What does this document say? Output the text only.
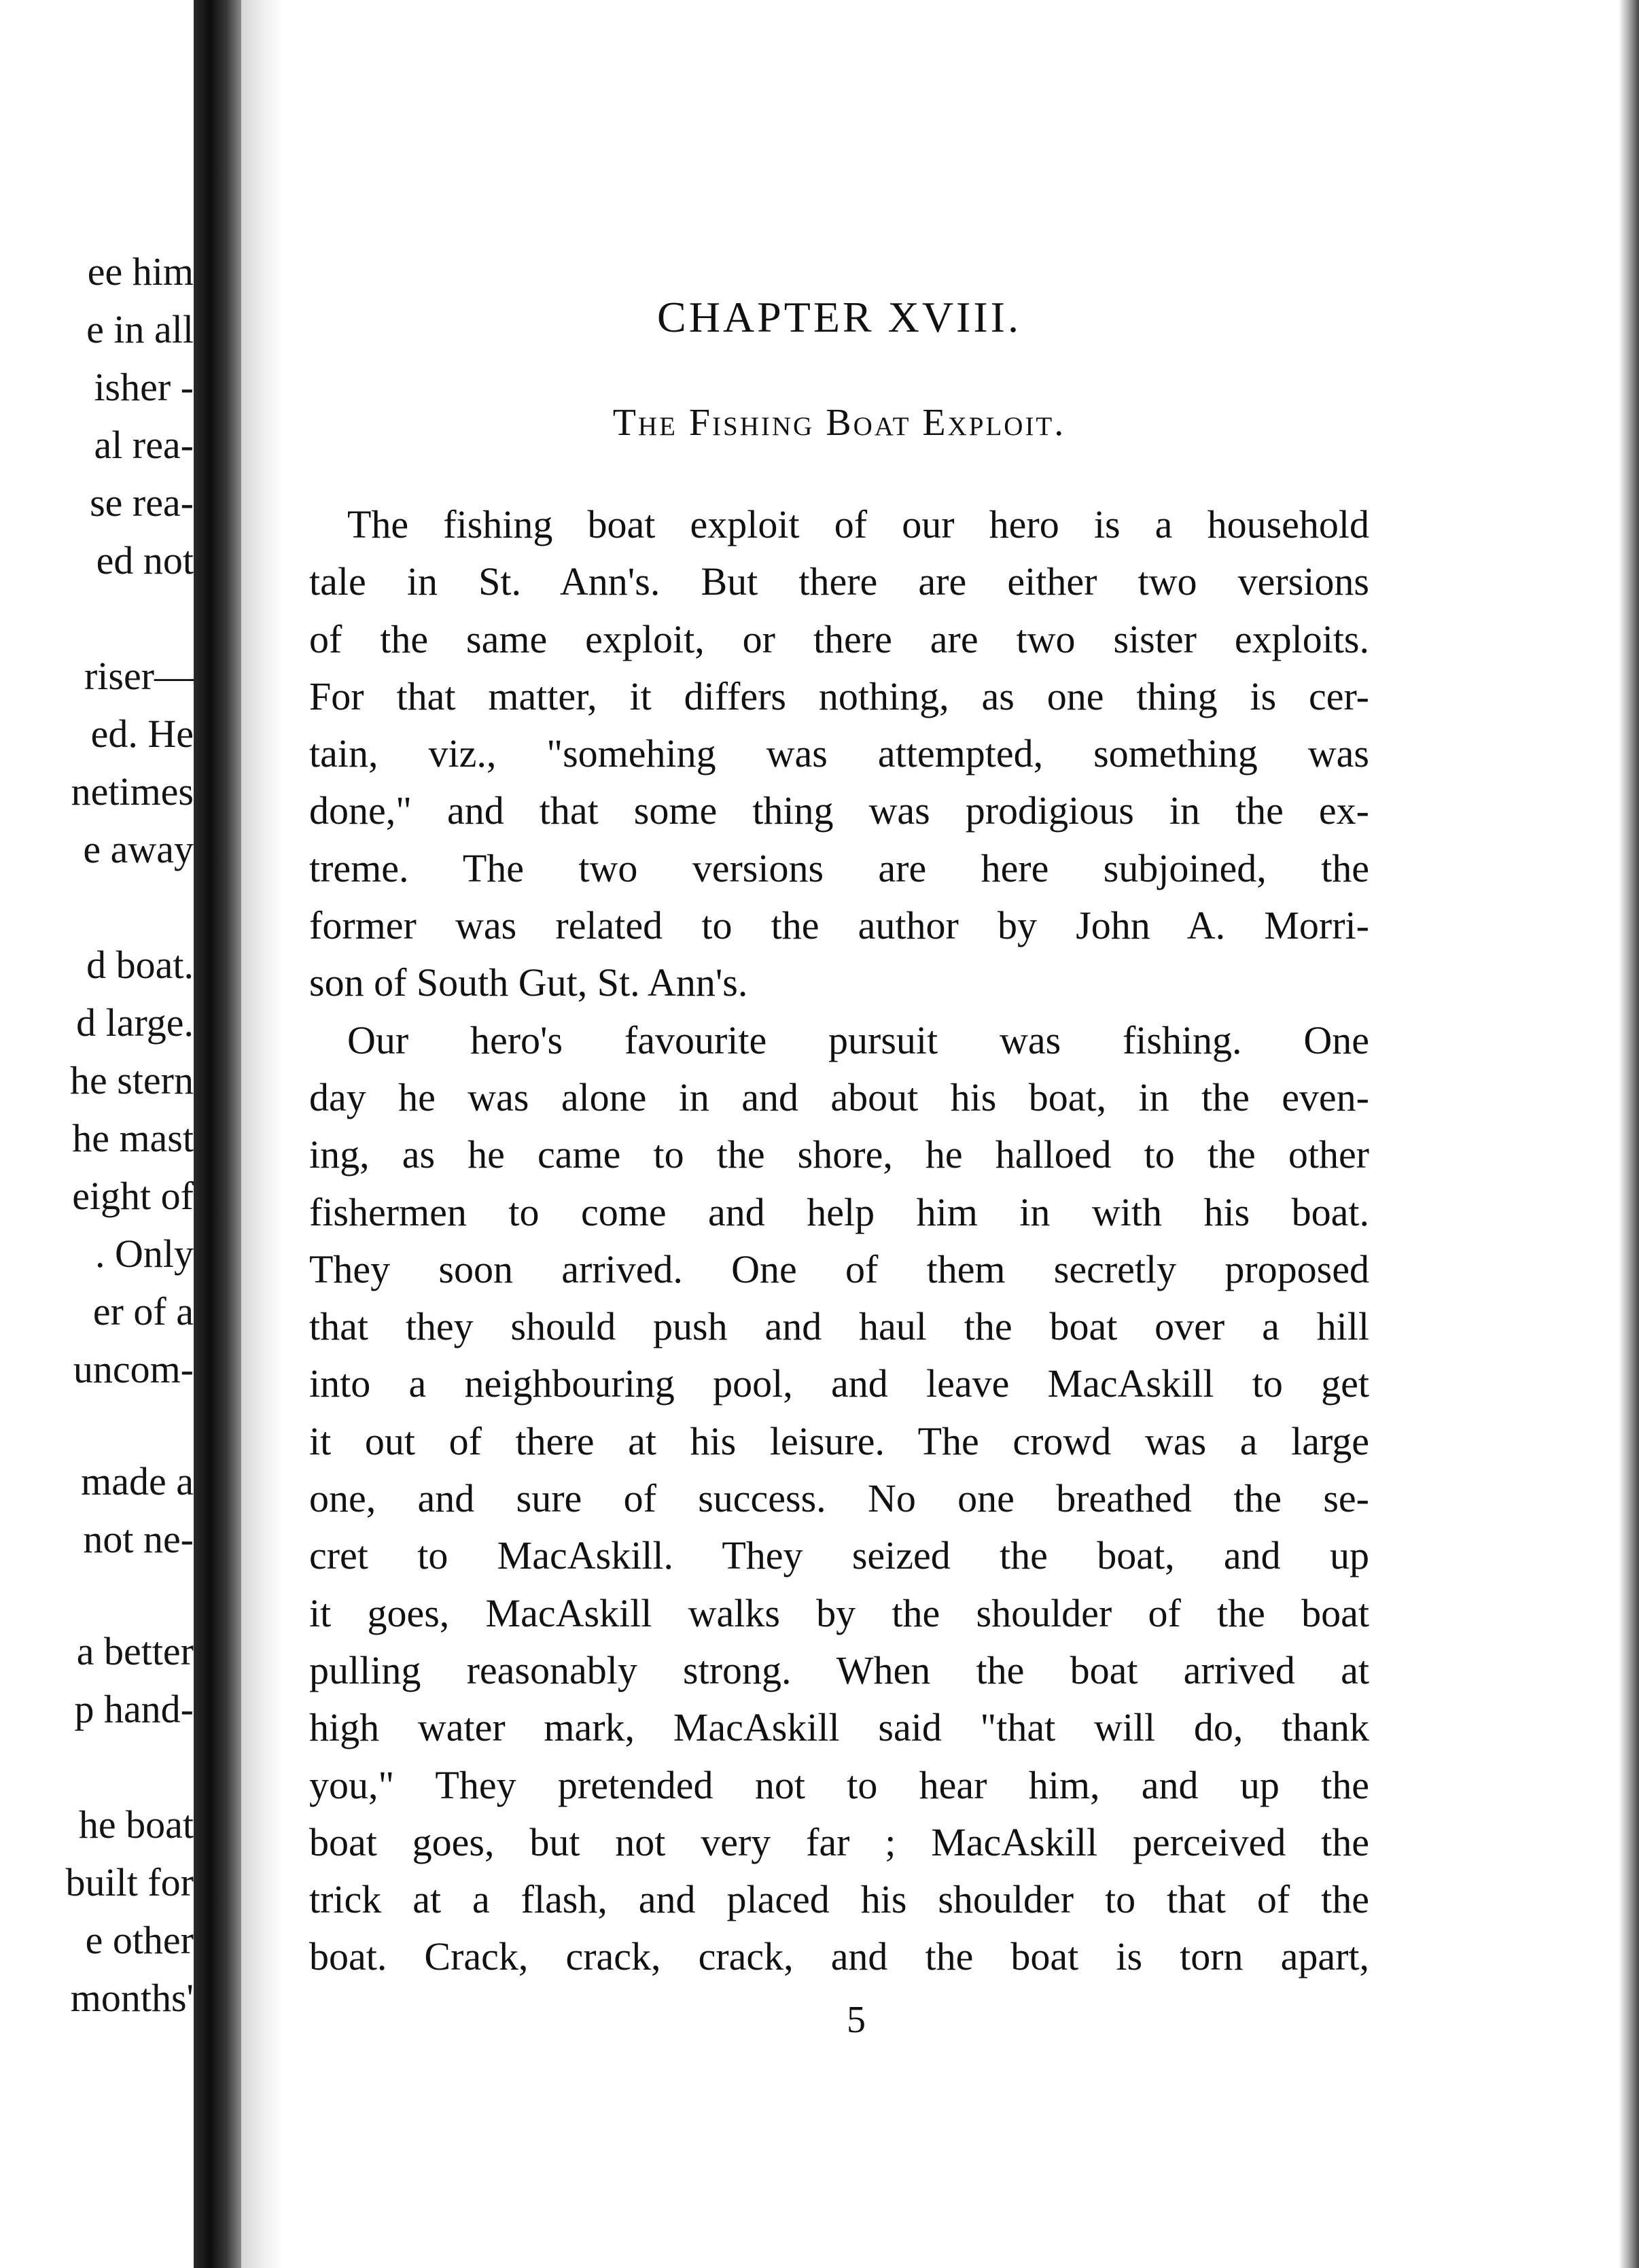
ee him
e in all
isher -
al rea-
se rea-
ed not
riser—
ed. He
netimes
e away
d boat.
d large.
he stern
he mast
eight of
. Only
er of a
uncom-
made a
not ne-
a better
p hand-
he boat
built for
e other
months'
CHAPTER XVIII.
The Fishing Boat Exploit.
The fishing boat exploit of our hero is a household
tale in St. Ann's. But there are either two versions
of the same exploit, or there are two sister exploits.
For that matter, it differs nothing, as one thing is cer-
tain, viz., "somehing was attempted, something was
done," and that some thing was prodigious in the ex-
treme. The two versions are here subjoined, the
former was related to the author by John A. Morri-
son of South Gut, St. Ann's.
Our hero's favourite pursuit was fishing. One
day he was alone in and about his boat, in the even-
ing, as he came to the shore, he halloed to the other
fishermen to come and help him in with his boat.
They soon arrived. One of them secretly proposed
that they should push and haul the boat over a hill
into a neighbouring pool, and leave MacAskill to get
it out of there at his leisure. The crowd was a large
one, and sure of success. No one breathed the se-
cret to MacAskill. They seized the boat, and up
it goes, MacAskill walks by the shoulder of the boat
pulling reasonably strong. When the boat arrived at
high water mark, MacAskill said "that will do, thank
you," They pretended not to hear him, and up the
boat goes, but not very far ; MacAskill perceived the
trick at a flash, and placed his shoulder to that of the
boat. Crack, crack, crack, and the boat is torn apart,
5
